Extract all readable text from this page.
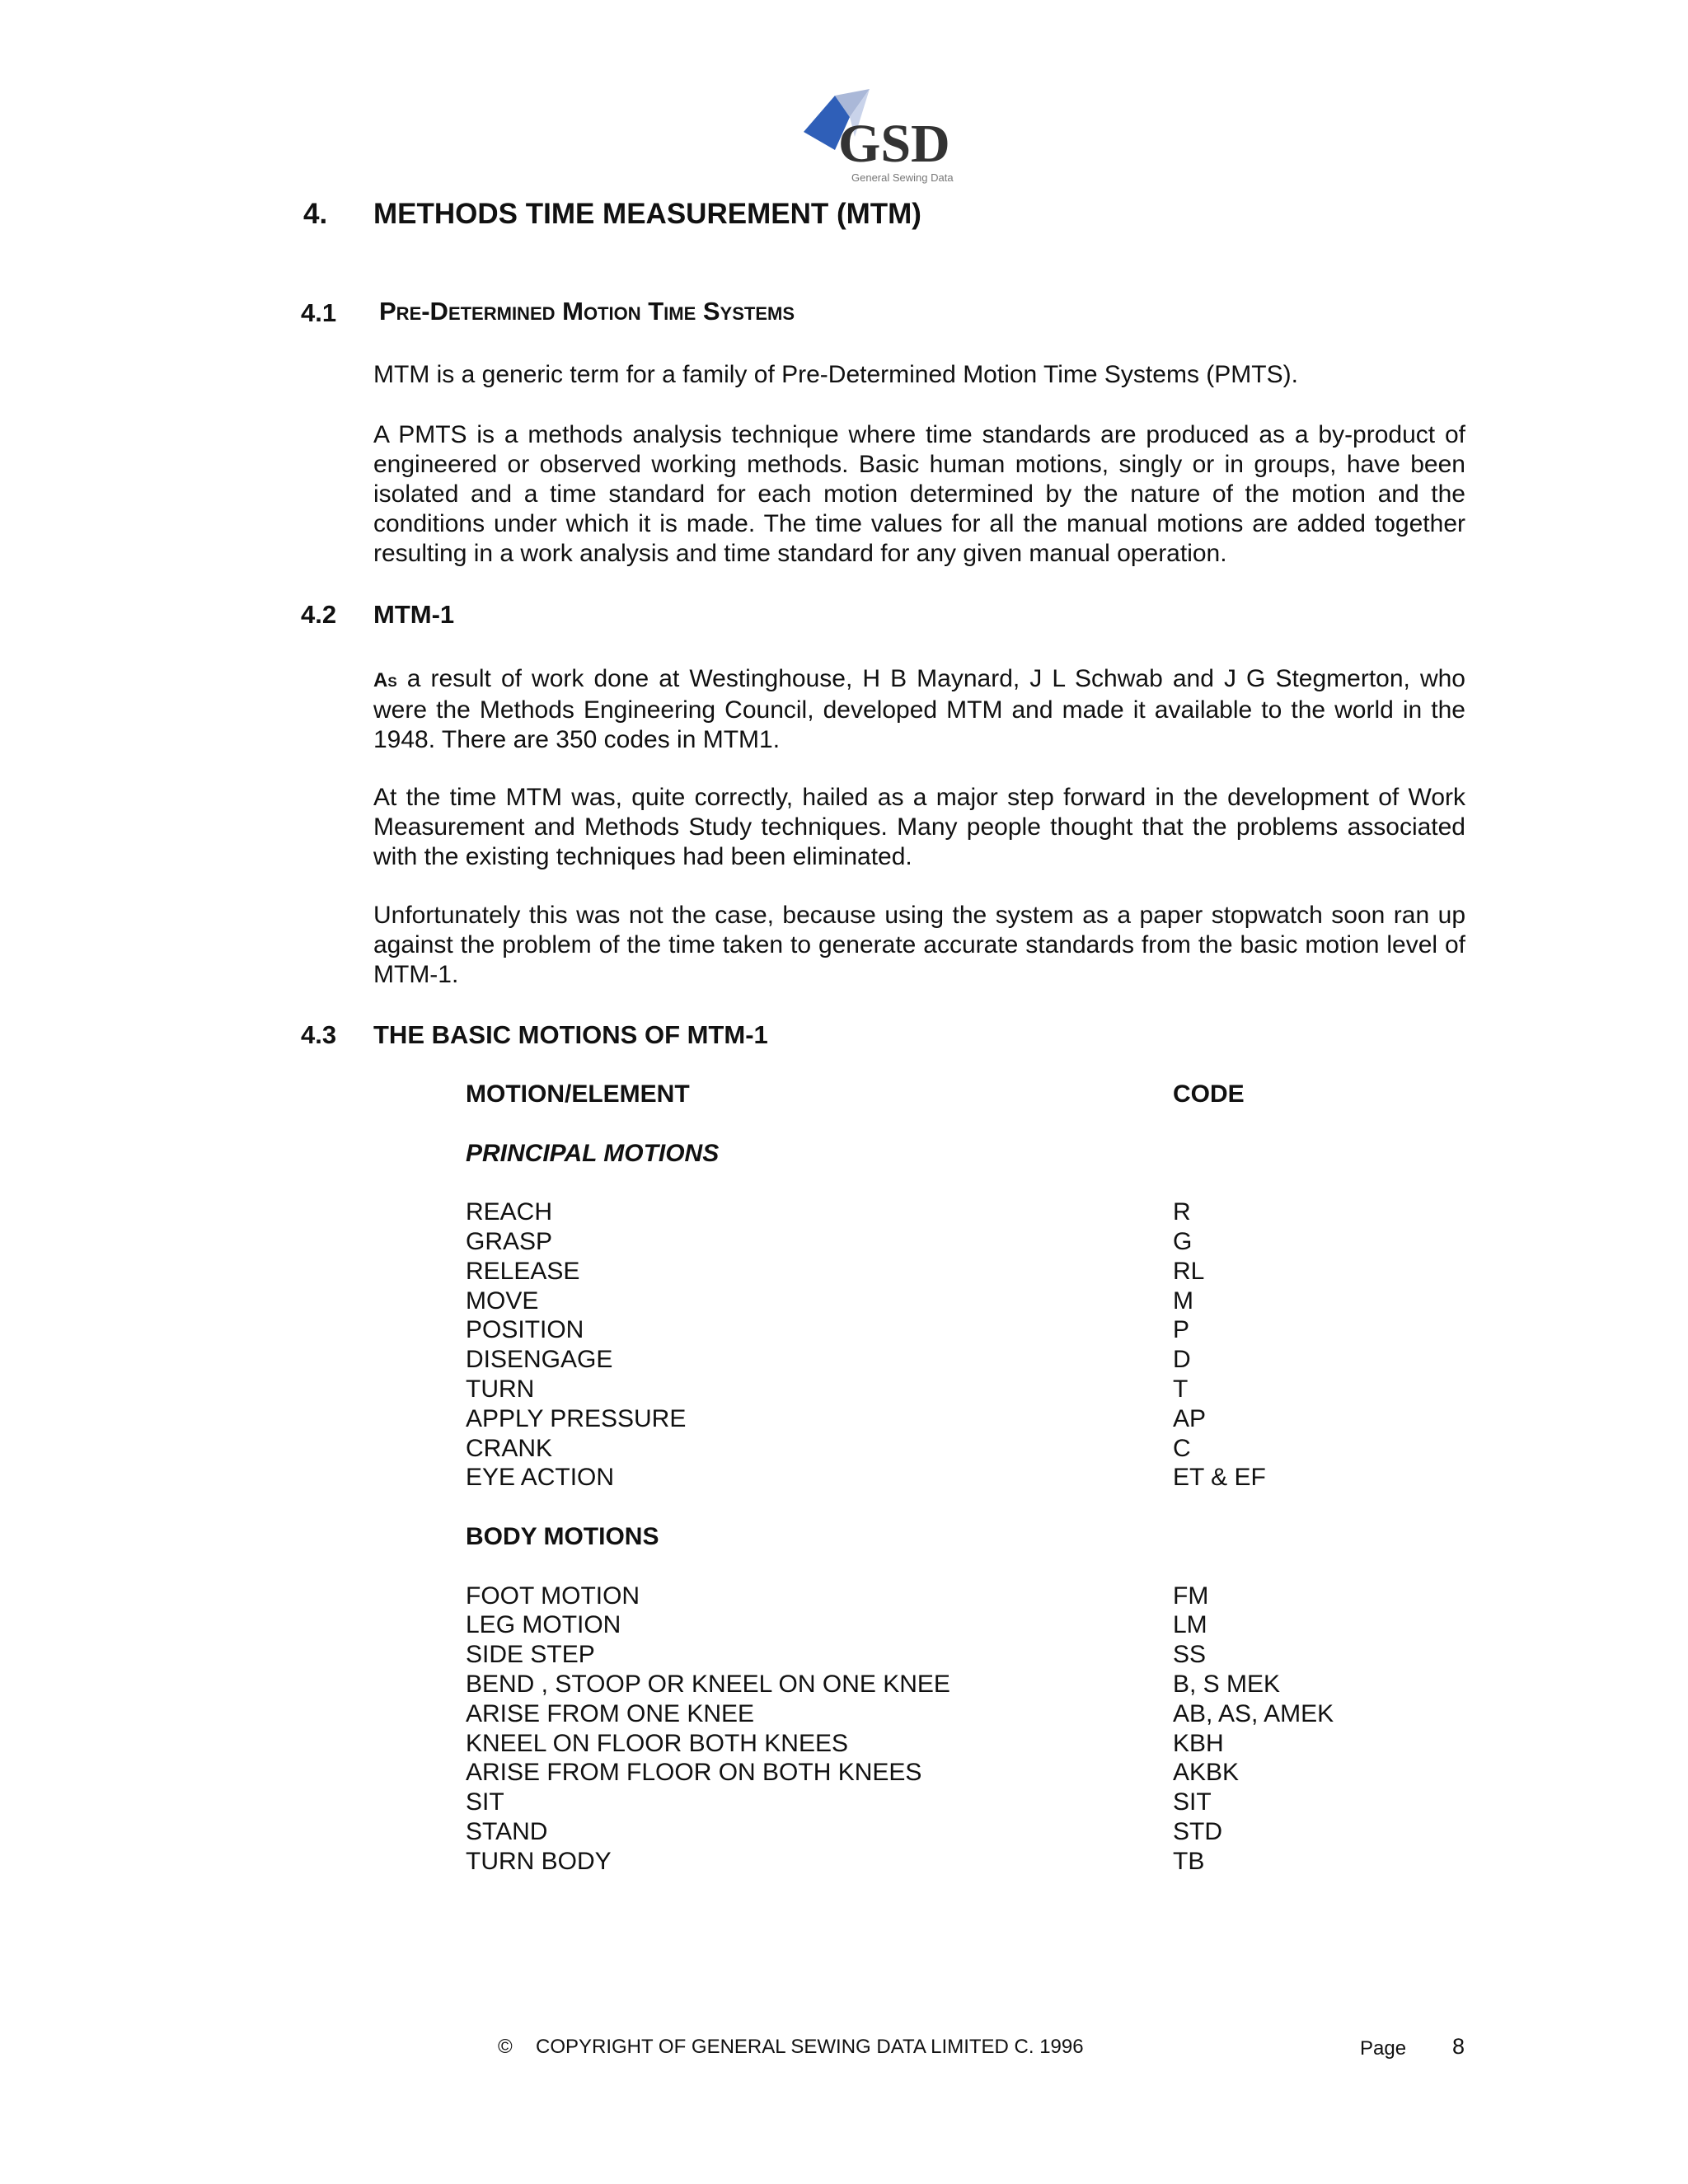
GSD
General Sewing Data
4. METHODS TIME MEASUREMENT (MTM)
4.1 Pre-Determined Motion Time Systems
MTM is a generic term for a family of Pre-Determined Motion Time Systems (PMTS).
A PMTS is a methods analysis technique where time standards are produced as a by-product of engineered or observed working methods. Basic human motions, singly or in groups, have been isolated and a time standard for each motion determined by the nature of the motion and the conditions under which it is made. The time values for all the manual motions are added together resulting in a work analysis and time standard for any given manual operation.
4.2 MTM-1
As a result of work done at Westinghouse, H B Maynard, J L Schwab and J G Stegmerton, who were the Methods Engineering Council, developed MTM and made it available to the world in the 1948. There are 350 codes in MTM1.
At the time MTM was, quite correctly, hailed as a major step forward in the development of Work Measurement and Methods Study techniques. Many people thought that the problems associated with the existing techniques had been eliminated.
Unfortunately this was not the case, because using the system as a paper stopwatch soon ran up against the problem of the time taken to generate accurate standards from the basic motion level of MTM-1.
4.3 THE BASIC MOTIONS OF MTM-1
MOTION/ELEMENT	CODE
PRINCIPAL MOTIONS
REACH	R
GRASP	G
RELEASE	RL
MOVE	M
POSITION	P
DISENGAGE	D
TURN	T
APPLY PRESSURE	AP
CRANK	C
EYE ACTION	ET & EF
BODY MOTIONS
FOOT MOTION	FM
LEG MOTION	LM
SIDE STEP	SS
BEND , STOOP OR KNEEL ON ONE KNEE	B, S MEK
ARISE FROM ONE KNEE	AB, AS, AMEK
KNEEL ON FLOOR BOTH KNEES	KBH
ARISE FROM FLOOR ON BOTH KNEES	AKBK
SIT	SIT
STAND	STD
TURN BODY	TB
© COPYRIGHT OF GENERAL SEWING DATA LIMITED C. 1996	Page 8
